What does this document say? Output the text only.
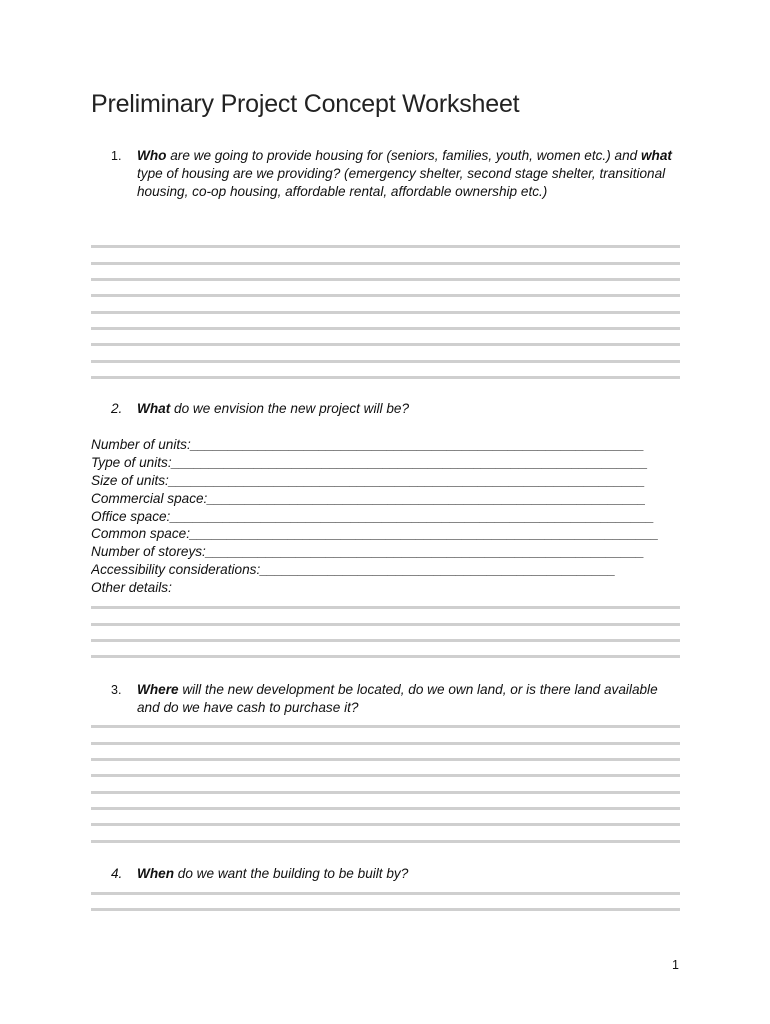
Preliminary Project Concept Worksheet
1.	Who are we going to provide housing for (seniors, families, youth, women etc.) and what type of housing are we providing? (emergency shelter, second stage shelter, transitional housing, co-op housing, affordable rental, affordable ownership etc.)
2.	What do we envision the new project will be?
Number of units:____________________________________________________________
Type of units:_______________________________________________________________
Size of units:_______________________________________________________________
Commercial space:__________________________________________________________
Office space:________________________________________________________________
Common space:______________________________________________________________
Number of storeys:__________________________________________________________
Accessibility considerations:_______________________________________________
Other details:
3.	Where will the new development be located, do we own land, or is there land available and do we have cash to purchase it?
4.	When do we want the building to be built by?
1
